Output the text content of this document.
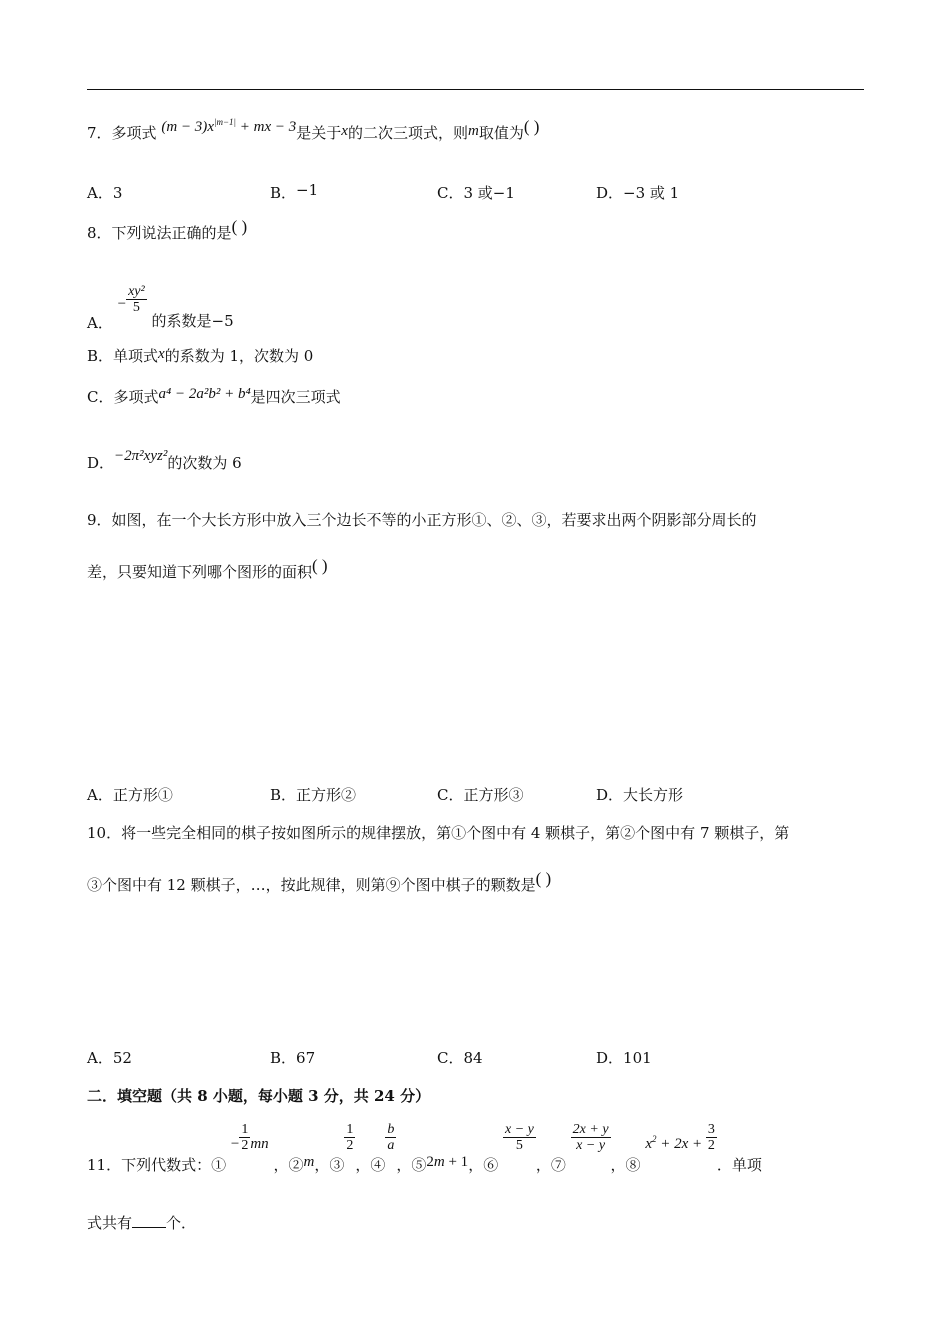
7．多项式 $(m - 3)x^{|m-1|}$ + mx − 3是关于x的二次三项式，则m取值为( )
A．3	B．−1	C．3 或−1	D．−3 或 1
8．下列说法正确的是( )
A． − $\frac{\text{xy²}}{5}$
的系数是−5
B．单项式x的系数为 1，次数为 0
C．多项式a⁴ − 2a²b² + b⁴是四次三项式
D．−2π²xyz²的次数为 6
9．如图，在一个大长方形中放入三个边长不等的小正方形①、②、③，若要求出两个阴影部分周长的
差，只要知道下列哪个图形的面积( )
A．正方形①	B．正方形②	C．正方形③	D．大长方形
10．将一些完全相同的棋子按如图所示的规律摆放，第①个图中有 4 颗棋子，第②个图中有 7 颗棋子，第
③个图中有 12 颗棋子，…，按此规律，则第⑨个图中棋子的颗数是( )
A．52	B．67	C．84	D．101
二．填空题（共 8 小题，每小题 3 分，共 24 分）
11．下列代数式：① − $\frac{1}{2}$ mn ，②m，③
$\frac{1}{2}$
，④
$\frac{b}{a}$
，⑤2m + 1，⑥
$\frac{x - y}{5}$
，⑦
$\frac{2x + y}{x - y}$
，⑧ $x^2 + 2x + \frac{3}{2}$
．单项
式共有 个．
